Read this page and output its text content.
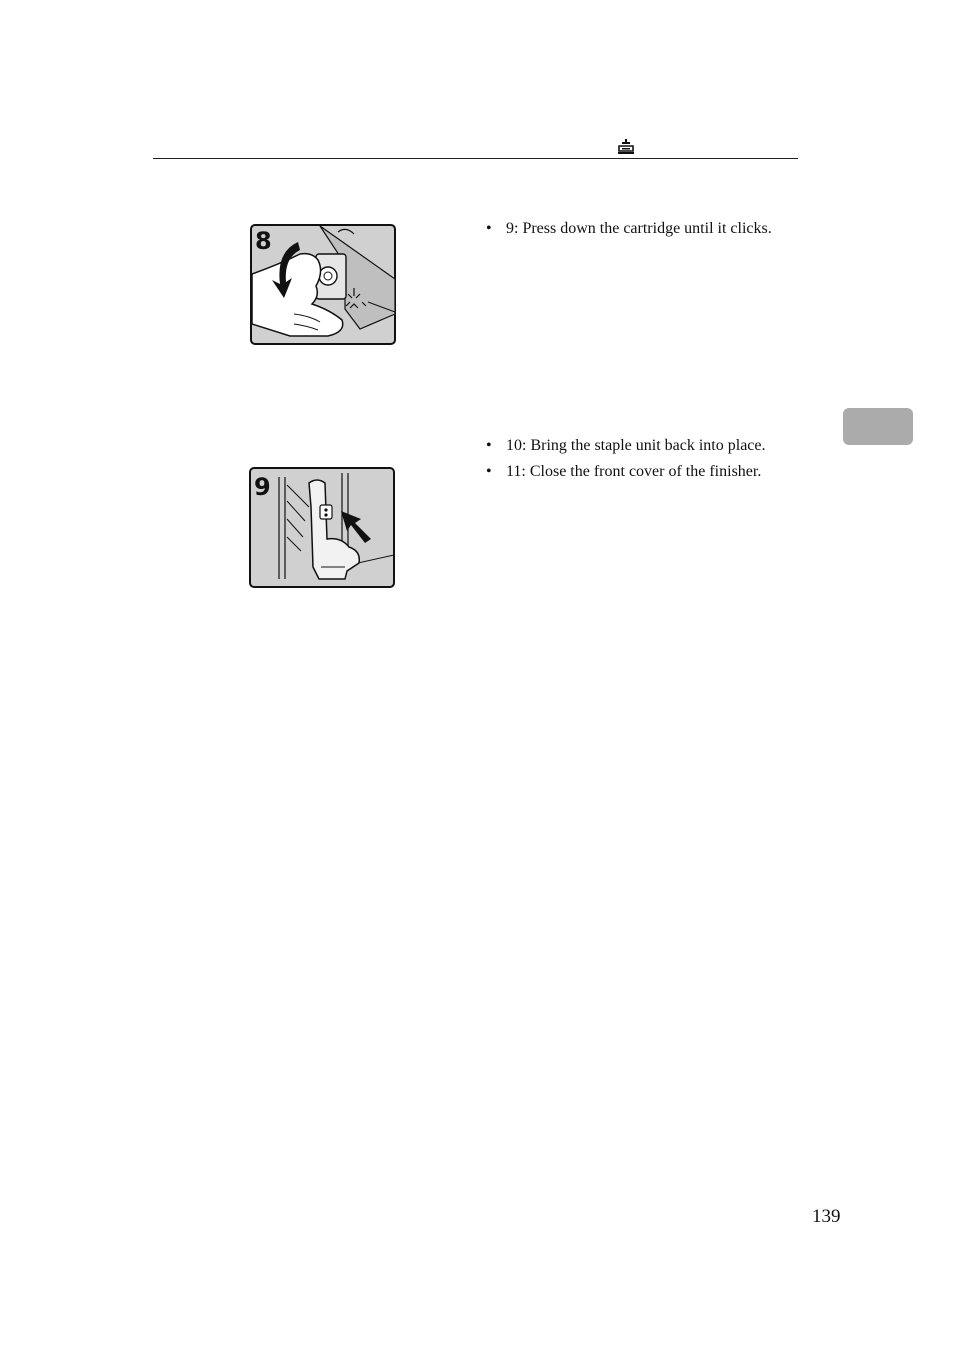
8
•	9: Press down the cartridge until it clicks.
9
• 10: Bring the staple unit back into place.
• 11: Close the front cover of the finisher.
139
